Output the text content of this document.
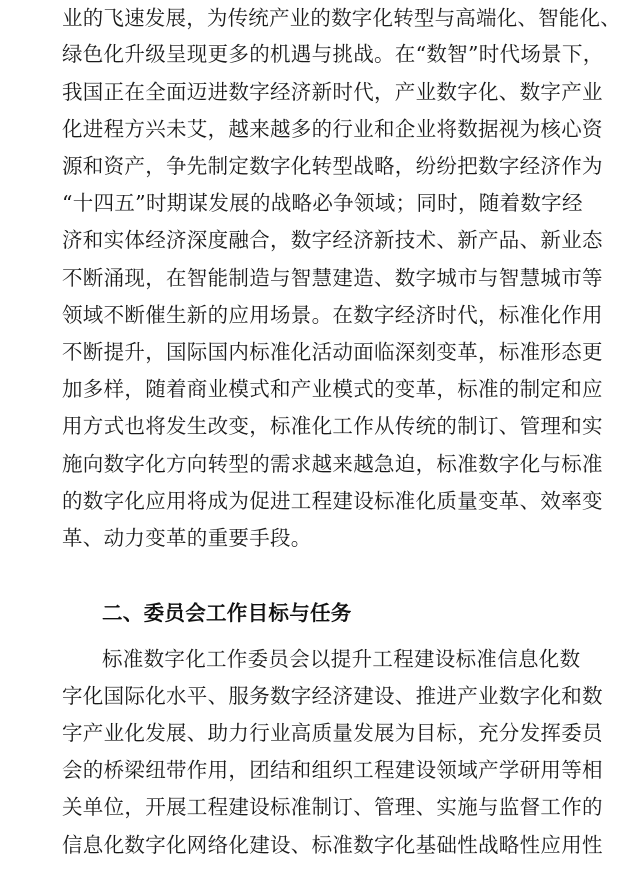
业的飞速发展，为传统产业的数字化转型与高端化、智能化、
绿色化升级呈现更多的机遇与挑战。在“数智”时代场景下，
我国正在全面迈进数字经济新时代，产业数字化、数字产业
化进程方兴未艾，越来越多的行业和企业将数据视为核心资
源和资产，争先制定数字化转型战略，纷纷把数字经济作为
“十四五”时期谋发展的战略必争领域；同时，随着数字经
济和实体经济深度融合，数字经济新技术、新产品、新业态
不断涌现，在智能制造与智慧建造、数字城市与智慧城市等
领域不断催生新的应用场景。在数字经济时代，标准化作用
不断提升，国际国内标准化活动面临深刻变革，标准形态更
加多样，随着商业模式和产业模式的变革，标准的制定和应
用方式也将发生改变，标准化工作从传统的制订、管理和实
施向数字化方向转型的需求越来越急迫，标准数字化与标准
的数字化应用将成为促进工程建设标准化质量变革、效率变
革、动力变革的重要手段。
二、委员会工作目标与任务
标准数字化工作委员会以提升工程建设标准信息化数
字化国际化水平、服务数字经济建设、推进产业数字化和数
字产业化发展、助力行业高质量发展为目标，充分发挥委员
会的桥梁纽带作用，团结和组织工程建设领域产学研用等相
关单位，开展工程建设标准制订、管理、实施与监督工作的
信息化数字化网络化建设、标准数字化基础性战略性应用性
